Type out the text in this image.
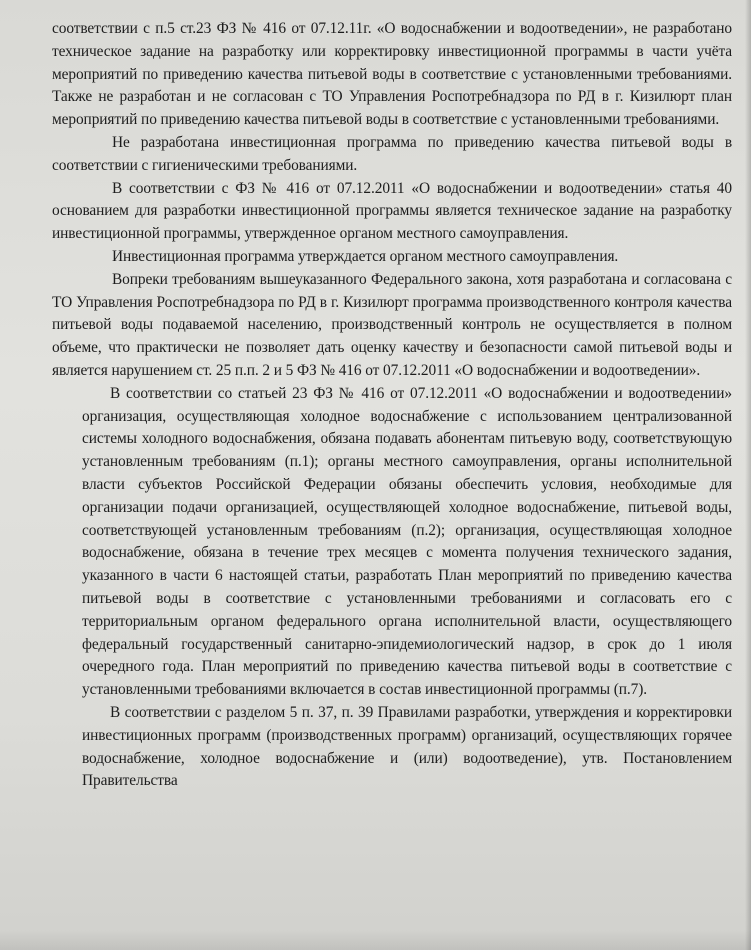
соответствии с п.5 ст.23 ФЗ № 416 от 07.12.11г. «О водоснабжении и водоотведении», не разработано техническое задание на разработку или корректировку инвестиционной программы в части учёта мероприятий по приведению качества питьевой воды в соответствие с установленными требованиями. Также не разработан и не согласован с ТО Управления Роспотребнадзора по РД в г. Кизилюрт план мероприятий по приведению качества питьевой воды в соответствие с установленными требованиями.

Не разработана инвестиционная программа по приведению качества питьевой воды в соответствии с гигиеническими требованиями.

В соответствии с ФЗ № 416 от 07.12.2011 «О водоснабжении и водоотведении» статья 40 основанием для разработки инвестиционной программы является техническое задание на разработку инвестиционной программы, утвержденное органом местного самоуправления.

Инвестиционная программа утверждается органом местного самоуправления.

Вопреки требованиям вышеуказанного Федерального закона, хотя разработана и согласована с ТО Управления Роспотребнадзора по РД в г. Кизилюрт программа производственного контроля качества питьевой воды подаваемой населению, производственный контроль не осуществляется в полном объеме, что практически не позволяет дать оценку качеству и безопасности самой питьевой воды и является нарушением ст. 25 п.п. 2 и 5 ФЗ № 416 от 07.12.2011 «О водоснабжении и водоотведении».

В соответствии со статьей 23 ФЗ № 416 от 07.12.2011 «О водоснабжении и водоотведении» организация, осуществляющая холодное водоснабжение с использованием централизованной системы холодного водоснабжения, обязана подавать абонентам питьевую воду, соответствующую установленным требованиям (п.1); органы местного самоуправления, органы исполнительной власти субъектов Российской Федерации обязаны обеспечить условия, необходимые для организации подачи организацией, осуществляющей холодное водоснабжение, питьевой воды, соответствующей установленным требованиям (п.2); организация, осуществляющая холодное водоснабжение, обязана в течение трех месяцев с момента получения технического задания, указанного в части 6 настоящей статьи, разработать План мероприятий по приведению качества питьевой воды в соответствие с установленными требованиями и согласовать его с территориальным органом федерального органа исполнительной власти, осуществляющего федеральный государственный санитарно-эпидемиологический надзор, в срок до 1 июля очередного года. План мероприятий по приведению качества питьевой воды в соответствие с установленными требованиями включается в состав инвестиционной программы (п.7).

В соответствии с разделом 5 п. 37, п. 39 Правилами разработки, утверждения и корректировки инвестиционных программ (производственных программ) организаций, осуществляющих горячее водоснабжение, холодное водоснабжение и (или) водоотведение), утв. Постановлением Правительства
